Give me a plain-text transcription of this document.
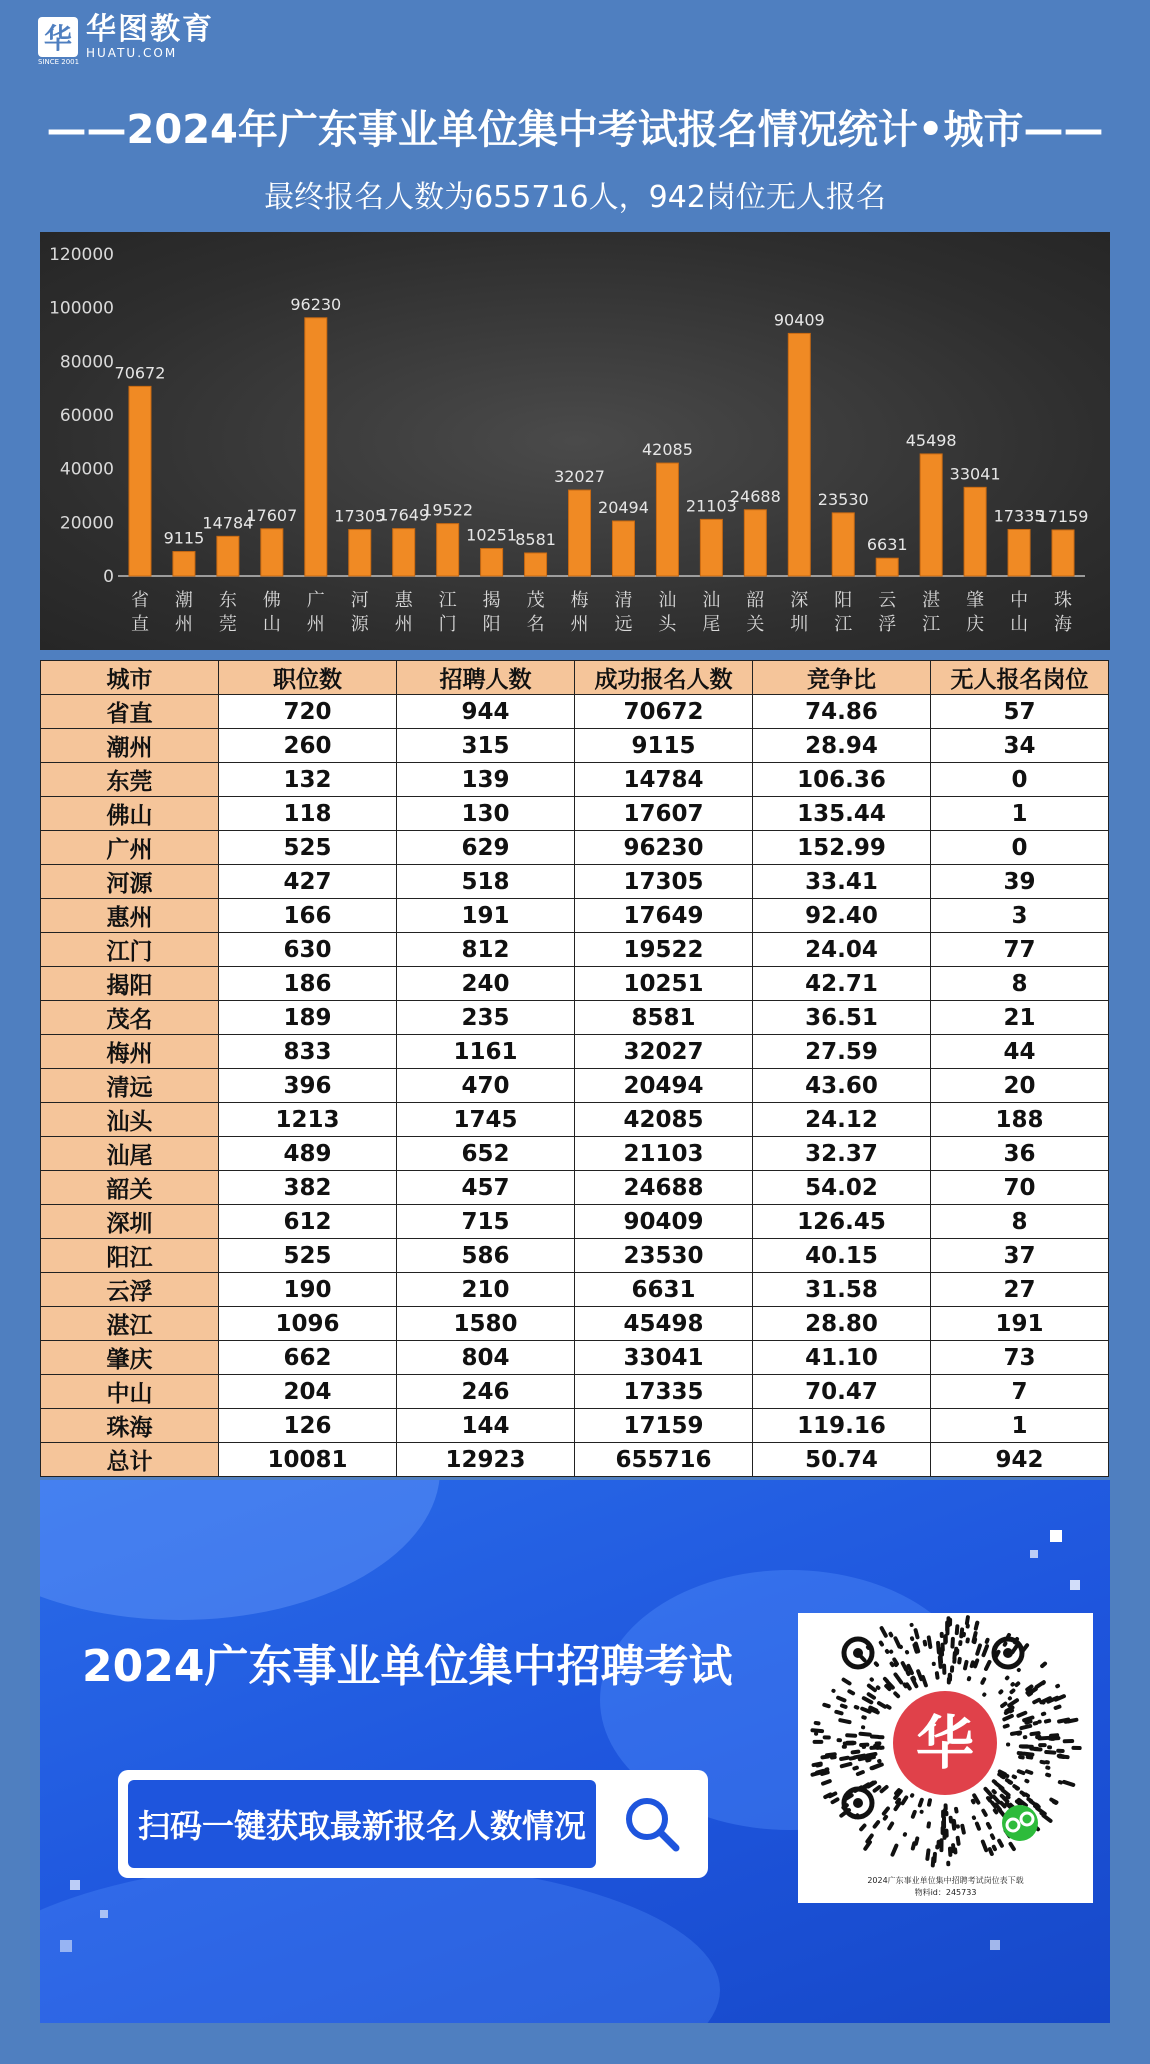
华 华图教育
HUATU.COM
SINCE 2001
——2024年广东事业单位集中考试报名情况统计•城市——
最终报名人数为655716人，942岗位无人报名
0
20000
40000
60000
80000
100000
120000
70672
省
直
9115
潮
州
14784
东
莞
17607
佛
山
96230
广
州
17305
河
源
17649
惠
州
19522
江
门
10251
揭
阳
8581
茂
名
32027
梅
州
20494
清
远
42085
汕
头
21103
汕
尾
24688
韶
关
90409
深
圳
23530
阳
江
6631
云
浮
45498
湛
江
33041
肇
庆
17335
中
山
17159
珠
海
城市	职位数	招聘人数	成功报名人数	竞争比	无人报名岗位
省直	720	944	70672	74.86	57
潮州	260	315	9115	28.94	34
东莞	132	139	14784	106.36	0
佛山	118	130	17607	135.44	1
广州	525	629	96230	152.99	0
河源	427	518	17305	33.41	39
惠州	166	191	17649	92.40	3
江门	630	812	19522	24.04	77
揭阳	186	240	10251	42.71	8
茂名	189	235	8581	36.51	21
梅州	833	1161	32027	27.59	44
清远	396	470	20494	43.60	20
汕头	1213	1745	42085	24.12	188
汕尾	489	652	21103	32.37	36
韶关	382	457	24688	54.02	70
深圳	612	715	90409	126.45	8
阳江	525	586	23530	40.15	37
云浮	190	210	6631	31.58	27
湛江	1096	1580	45498	28.80	191
肇庆	662	804	33041	41.10	73
中山	204	246	17335	70.47	7
珠海	126	144	17159	119.16	1
总计	10081	12923	655716	50.74	942
2024广东事业单位集中招聘考试
扫码一键获取最新报名人数情况
华
2024广东事业单位集中招聘考试岗位表下载
物料id：245733
